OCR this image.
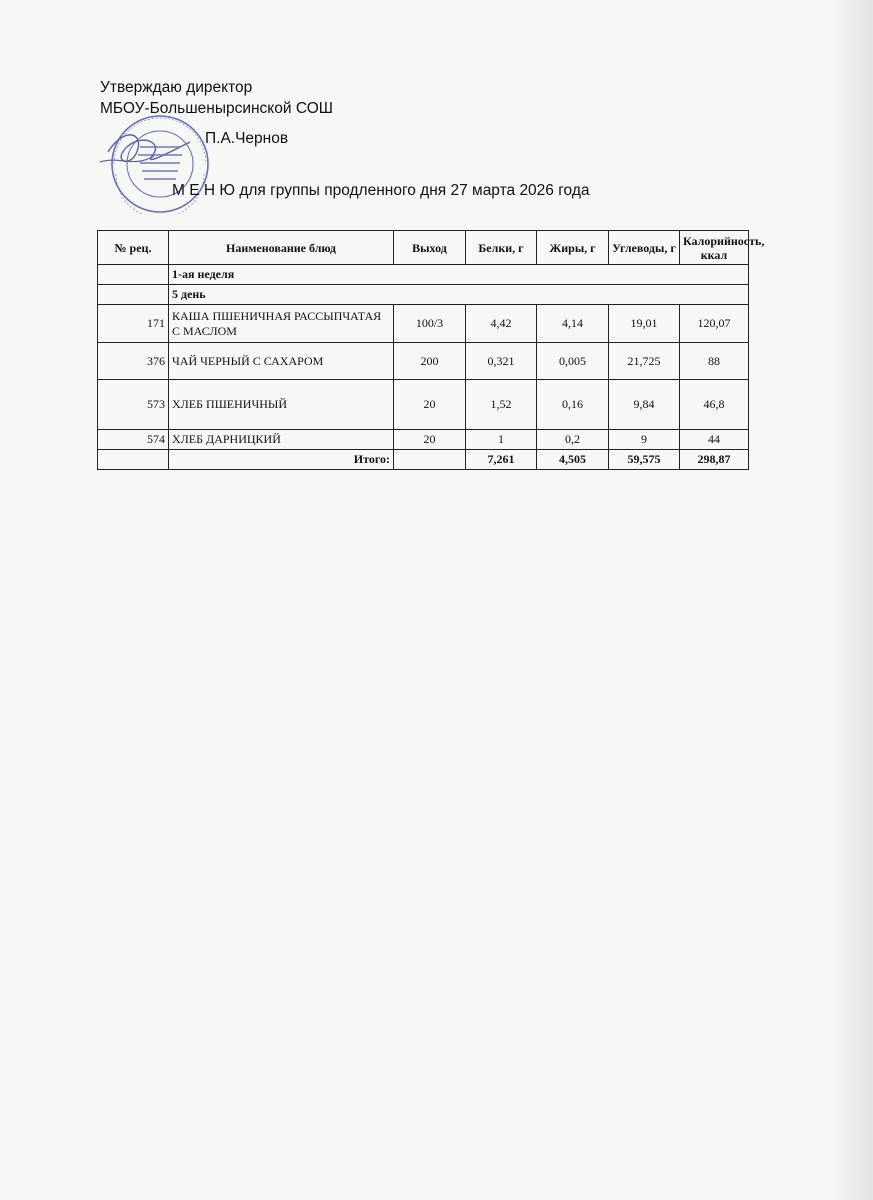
Утверждаю директор
МБОУ-Большенырсинской СОШ
П.А.Чернов
М Е Н Ю для группы продленного дня 27 марта 2026 года
№ рец.	Наименование блюд	Выход	Белки, г	Жиры, г	Углеводы, г	Калорийность, ккал
	1-ая неделя					
	5 день					
171	КАША ПШЕНИЧНАЯ РАССЫПЧАТАЯ С МАСЛОМ	100/3	4,42	4,14	19,01	120,07
376	ЧАЙ ЧЕРНЫЙ С САХАРОМ	200	0,321	0,005	21,725	88
573	ХЛЕБ ПШЕНИЧНЫЙ	20	1,52	0,16	9,84	46,8
574	ХЛЕБ ДАРНИЦКИЙ	20	1	0,2	9	44
	Итого:		7,261	4,505	59,575	298,87
